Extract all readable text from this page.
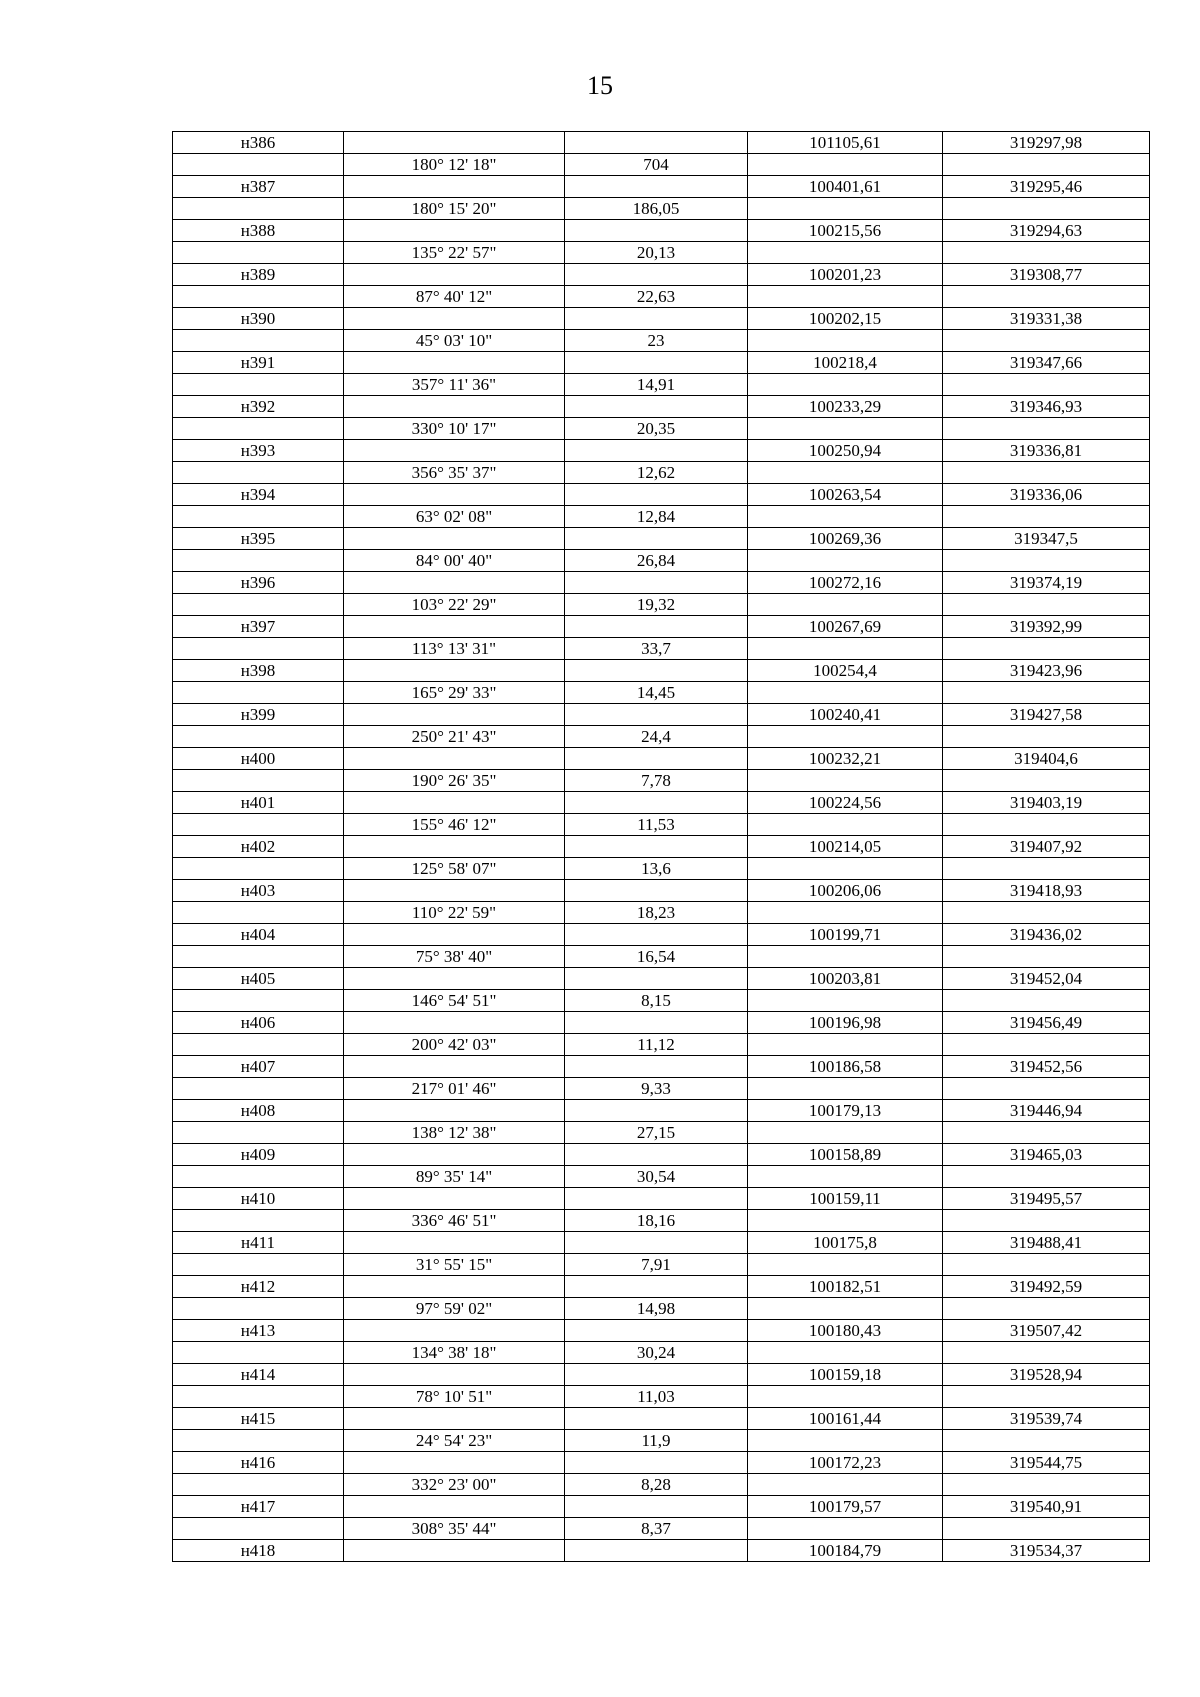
15
н386			101105,61	319297,98
	180° 12' 18"	704		
н387			100401,61	319295,46
	180° 15' 20"	186,05		
н388			100215,56	319294,63
	135° 22' 57"	20,13		
н389			100201,23	319308,77
	87° 40' 12"	22,63		
н390			100202,15	319331,38
	45° 03' 10"	23		
н391			100218,4	319347,66
	357° 11' 36"	14,91		
н392			100233,29	319346,93
	330° 10' 17"	20,35		
н393			100250,94	319336,81
	356° 35' 37"	12,62		
н394			100263,54	319336,06
	63° 02' 08"	12,84		
н395			100269,36	319347,5
	84° 00' 40"	26,84		
н396			100272,16	319374,19
	103° 22' 29"	19,32		
н397			100267,69	319392,99
	113° 13' 31"	33,7		
н398			100254,4	319423,96
	165° 29' 33"	14,45		
н399			100240,41	319427,58
	250° 21' 43"	24,4		
н400			100232,21	319404,6
	190° 26' 35"	7,78		
н401			100224,56	319403,19
	155° 46' 12"	11,53		
н402			100214,05	319407,92
	125° 58' 07"	13,6		
н403			100206,06	319418,93
	110° 22' 59"	18,23		
н404			100199,71	319436,02
	75° 38' 40"	16,54		
н405			100203,81	319452,04
	146° 54' 51"	8,15		
н406			100196,98	319456,49
	200° 42' 03"	11,12		
н407			100186,58	319452,56
	217° 01' 46"	9,33		
н408			100179,13	319446,94
	138° 12' 38"	27,15		
н409			100158,89	319465,03
	89° 35' 14"	30,54		
н410			100159,11	319495,57
	336° 46' 51"	18,16		
н411			100175,8	319488,41
	31° 55' 15"	7,91		
н412			100182,51	319492,59
	97° 59' 02"	14,98		
н413			100180,43	319507,42
	134° 38' 18"	30,24		
н414			100159,18	319528,94
	78° 10' 51"	11,03		
н415			100161,44	319539,74
	24° 54' 23"	11,9		
н416			100172,23	319544,75
	332° 23' 00"	8,28		
н417			100179,57	319540,91
	308° 35' 44"	8,37		
н418			100184,79	319534,37
